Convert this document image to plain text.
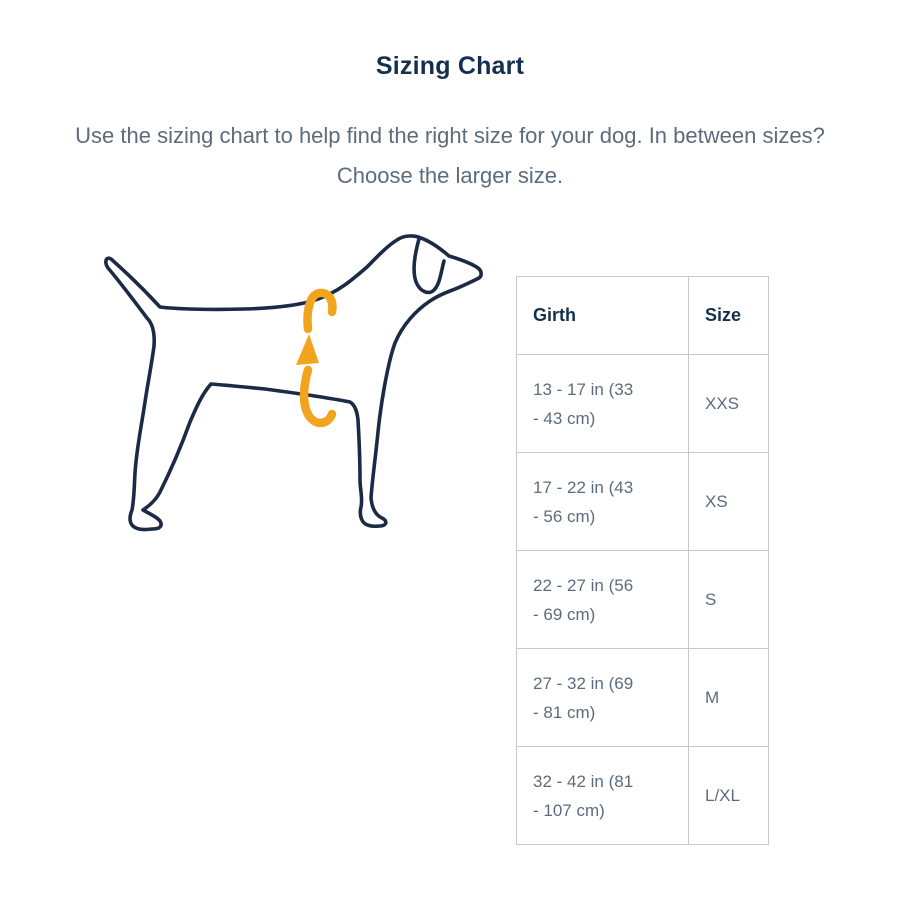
Sizing Chart

Use the sizing chart to help find the right size for your dog. In between sizes? Choose the larger size.

Girth	Size
13 - 17 in (33 - 43 cm)	XXS
17 - 22 in (43 - 56 cm)	XS
22 - 27 in (56 - 69 cm)	S
27 - 32 in (69 - 81 cm)	M
32 - 42 in (81 - 107 cm)	L/XL
